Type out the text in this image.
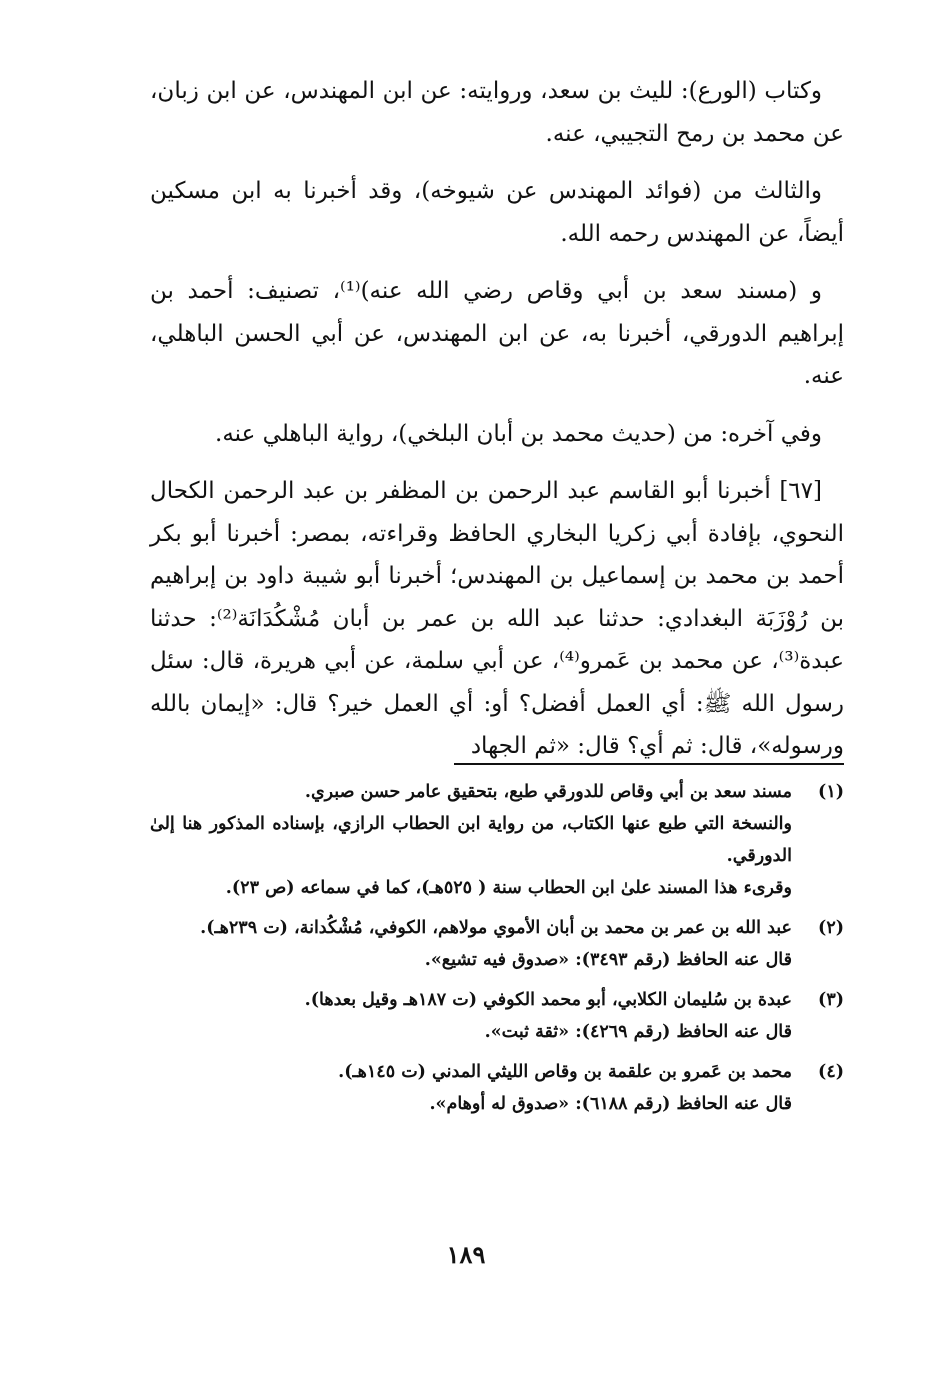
وكتاب (الورع): لليث بن سعد، وروايته: عن ابن المهندس، عن ابن زبان، عن محمد بن رمح التجيبي، عنه.

والثالث من (فوائد المهندس عن شيوخه)، وقد أخبرنا به ابن مسكين أيضاً، عن المهندس رحمه الله.

و (مسند سعد بن أبي وقاص رضي الله عنه)⁽¹⁾، تصنيف: أحمد بن إبراهيم الدورقي، أخبرنا به، عن ابن المهندس، عن أبي الحسن الباهلي، عنه.

وفي آخره: من (حديث محمد بن أبان البلخي)، رواية الباهلي عنه.

[٦٧] أخبرنا أبو القاسم عبد الرحمن بن المظفر بن عبد الرحمن الكحال النحوي، بإفادة أبي زكريا البخاري الحافظ وقراءته، بمصر: أخبرنا أبو بكر أحمد بن محمد بن إسماعيل بن المهندس؛ أخبرنا أبو شيبة داود بن إبراهيم بن رُوْزَبَة البغدادي: حدثنا عبد الله بن عمر بن أبان مُشْكُدَانَة⁽²⁾: حدثنا عبدة⁽³⁾، عن محمد بن عَمرو⁽⁴⁾، عن أبي سلمة، عن أبي هريرة، قال: سئل رسول الله ﷺ: أي العمل أفضل؟ أو: أي العمل خير؟ قال: «إيمان بالله ورسوله»، قال: ثم أي؟ قال: «ثم الجهاد

(١)
مسند سعد بن أبي وقاص للدورقي طبع، بتحقيق عامر حسن صبري.
والنسخة التي طبع عنها الكتاب، من رواية ابن الحطاب الرازي، بإسناده المذكور هنا إلىٰ الدورقي.
وقرىء هذا المسند علىٰ ابن الحطاب سنة ( ٥٢٥هـ)، كما في سماعه (ص ٢٣).
(٢)
عبد الله بن عمر بن محمد بن أبان الأموي مولاهم، الكوفي، مُشْكُدانة، (ت ٢٣٩هـ).
قال عنه الحافظ (رقم ٣٤٩٣): «صدوق فيه تشيع».
(٣)
عبدة بن سُليمان الكلابي، أبو محمد الكوفي (ت ١٨٧هـ وقيل بعدها).
قال عنه الحافظ (رقم ٤٢٦٩): «ثقة ثبت».
(٤)
محمد بن عَمرو بن علقمة بن وقاص الليثي المدني (ت ١٤٥هـ).
قال عنه الحافظ (رقم ٦١٨٨): «صدوق له أوهام».
١٨٩
